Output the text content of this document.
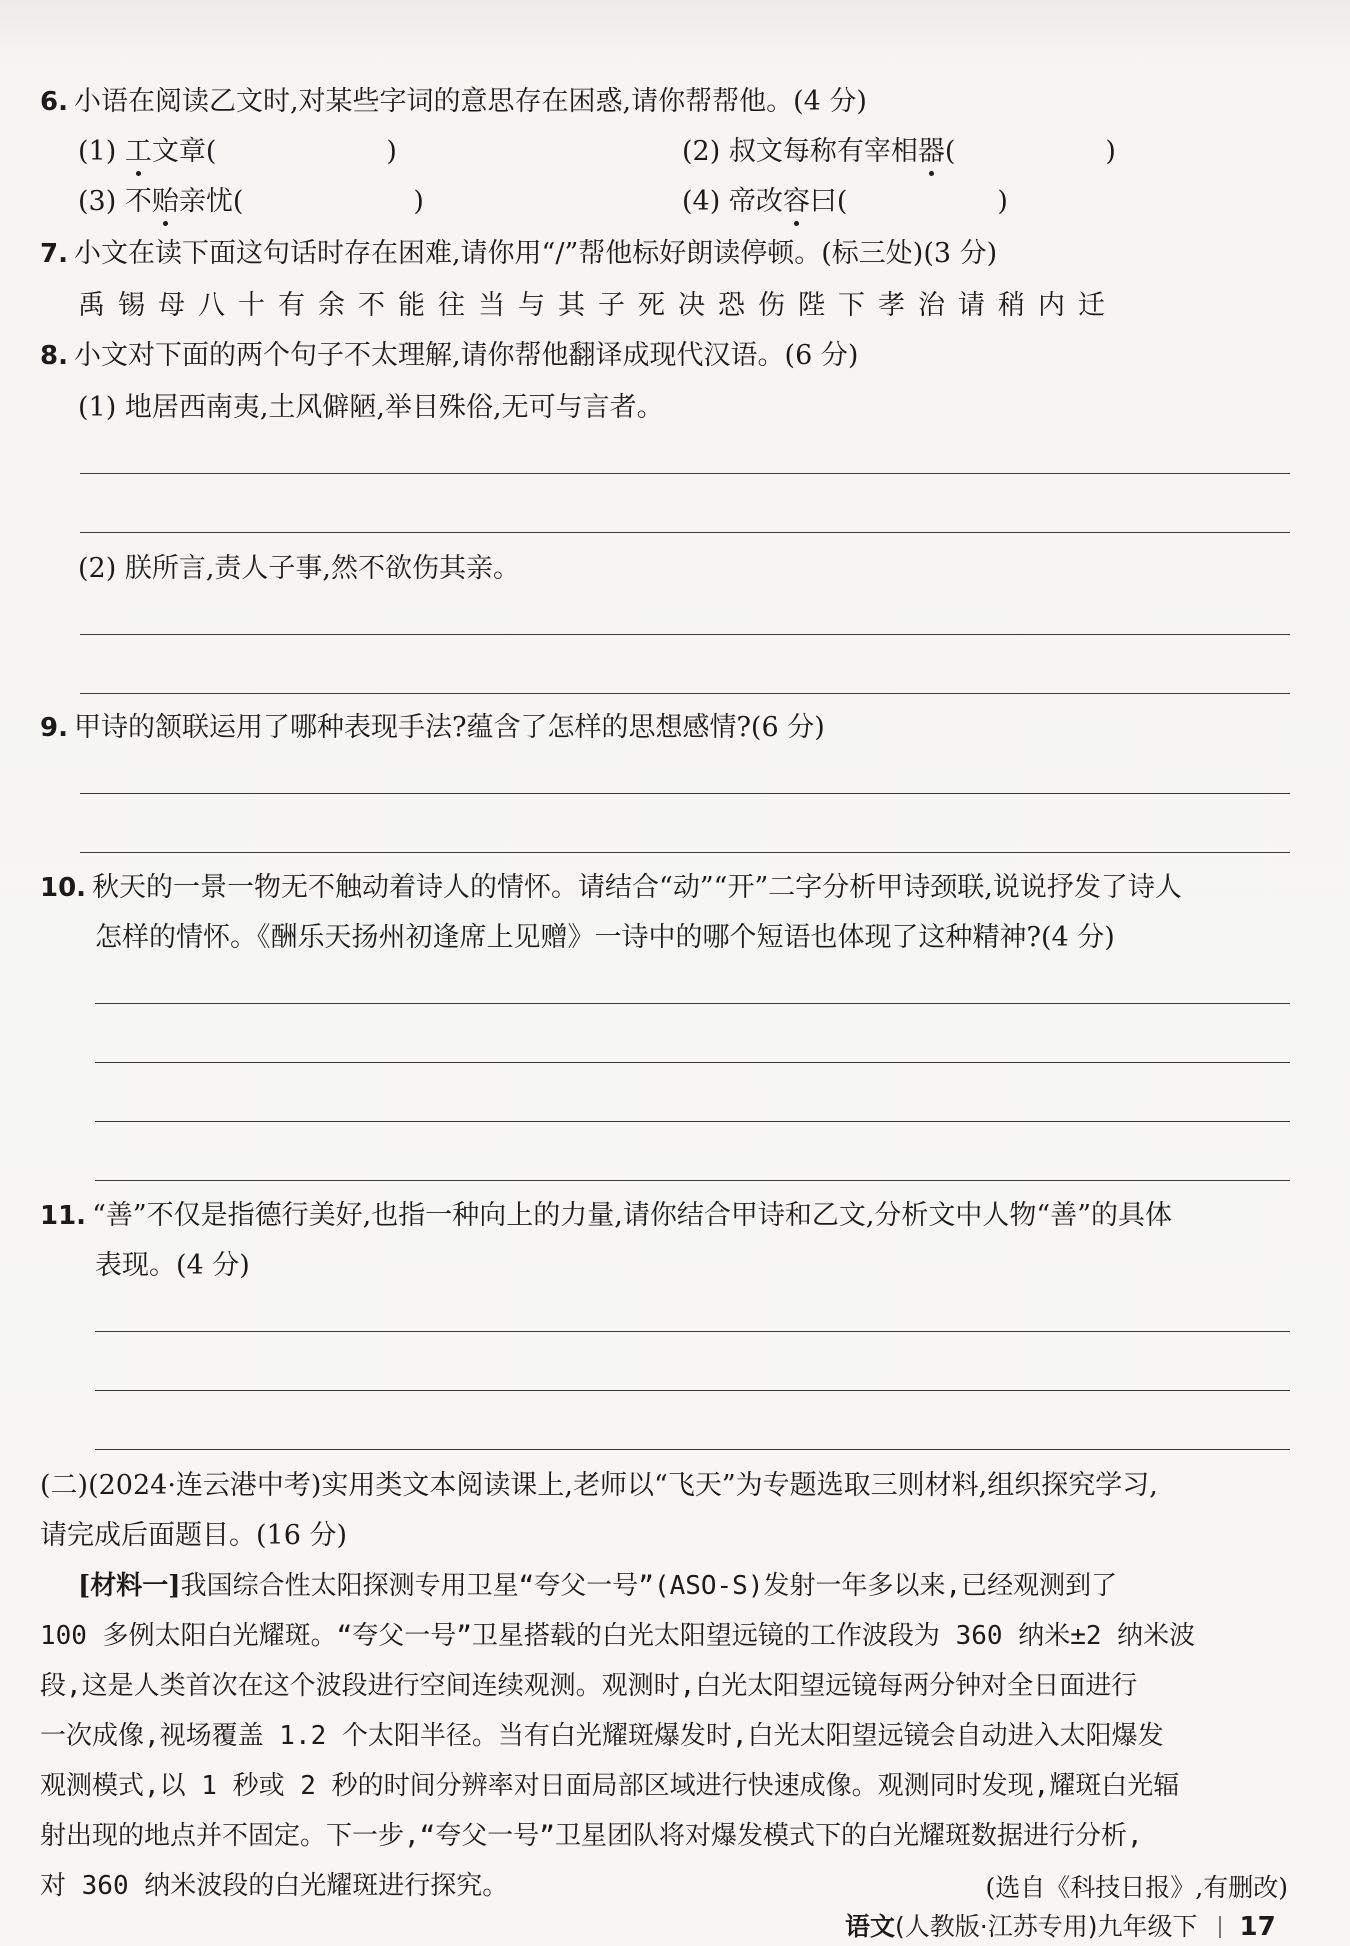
6. 小语在阅读乙文时,对某些字词的意思存在困惑,请你帮帮他。(4 分)
(1) 工文章(	)	(2) 叔文每称有宰相器(	)
(3) 不贻亲忧(	)	(4) 帝改容曰(	)
7. 小文在读下面这句话时存在困难,请你用“/”帮他标好朗读停顿。(标三处)(3 分)
禹锡母八十有余不能往当与其子死决恐伤陛下孝治请稍内迁
8. 小文对下面的两个句子不太理解,请你帮他翻译成现代汉语。(6 分)
(1) 地居西南夷,土风僻陋,举目殊俗,无可与言者。
(2) 朕所言,责人子事,然不欲伤其亲。
9. 甲诗的颔联运用了哪种表现手法?蕴含了怎样的思想感情?(6 分)
10. 秋天的一景一物无不触动着诗人的情怀。请结合“动”“开”二字分析甲诗颈联,说说抒发了诗人
怎样的情怀。《酬乐天扬州初逢席上见赠》一诗中的哪个短语也体现了这种精神?(4 分)
11. “善”不仅是指德行美好,也指一种向上的力量,请你结合甲诗和乙文,分析文中人物“善”的具体
表现。(4 分)
(二)(2024·连云港中考)实用类文本阅读课上,老师以“飞天”为专题选取三则材料,组织探究学习,
请完成后面题目。(16 分)
[材料一]我国综合性太阳探测专用卫星“夸父一号”(ASO-S)发射一年多以来,已经观测到了
100 多例太阳白光耀斑。“夸父一号”卫星搭载的白光太阳望远镜的工作波段为 360 纳米±2 纳米波
段,这是人类首次在这个波段进行空间连续观测。观测时,白光太阳望远镜每两分钟对全日面进行
一次成像,视场覆盖 1.2 个太阳半径。当有白光耀斑爆发时,白光太阳望远镜会自动进入太阳爆发
观测模式,以 1 秒或 2 秒的时间分辨率对日面局部区域进行快速成像。观测同时发现,耀斑白光辐
射出现的地点并不固定。下一步,“夸父一号”卫星团队将对爆发模式下的白光耀斑数据进行分析,
对 360 纳米波段的白光耀斑进行探究。	(选自《科技日报》,有删改)
语文(人教版·江苏专用)九年级下 17
